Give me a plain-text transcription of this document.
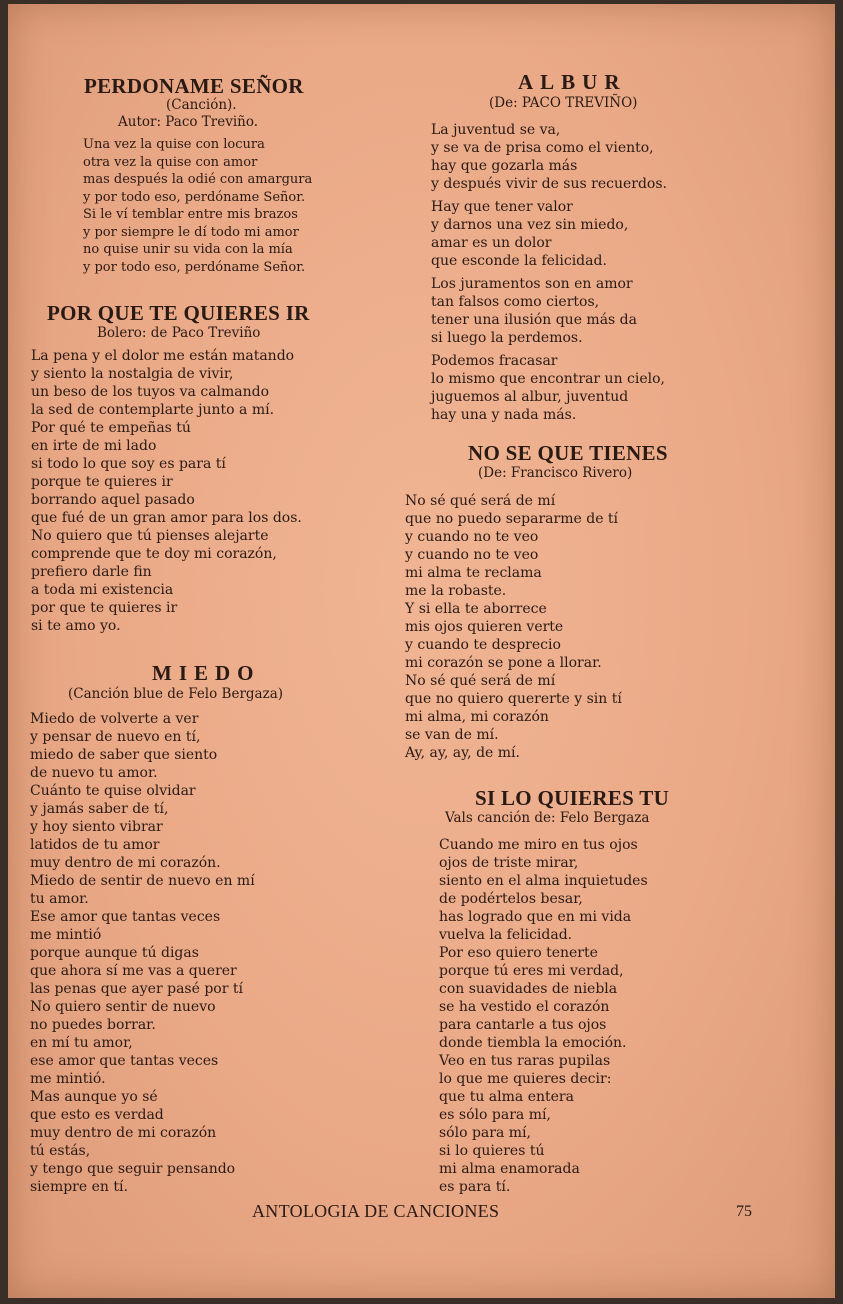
PERDONAME SEÑOR
(Canción).
Autor: Paco Treviño.
Una vez la quise con locura
otra vez la quise con amor
mas después la odié con amargura
y por todo eso, perdóname Señor.
Si le ví temblar entre mis brazos
y por siempre le dí todo mi amor
no quise unir su vida con la mía
y por todo eso, perdóname Señor.
POR QUE TE QUIERES IR
Bolero: de Paco Treviño
La pena y el dolor me están matando
y siento la nostalgia de vivir,
un beso de los tuyos va calmando
la sed de contemplarte junto a mí.
Por qué te empeñas tú
en irte de mi lado
si todo lo que soy es para tí
porque te quieres ir
borrando aquel pasado
que fué de un gran amor para los dos.
No quiero que tú pienses alejarte
comprende que te doy mi corazón,
prefiero darle fin
a toda mi existencia
por que te quieres ir
si te amo yo.
MIEDO
(Canción blue de Felo Bergaza)
Miedo de volverte a ver
y pensar de nuevo en tí,
miedo de saber que siento
de nuevo tu amor.
Cuánto te quise olvidar
y jamás saber de tí,
y hoy siento vibrar
latidos de tu amor
muy dentro de mi corazón.
Miedo de sentir de nuevo en mí
tu amor.
Ese amor que tantas veces
me mintió
porque aunque tú digas
que ahora sí me vas a querer
las penas que ayer pasé por tí
No quiero sentir de nuevo
no puedes borrar.
en mí tu amor,
ese amor que tantas veces
me mintió.
Mas aunque yo sé
que esto es verdad
muy dentro de mi corazón
tú estás,
y tengo que seguir pensando
siempre en tí.
ALBUR
(De: PACO TREVIÑO)
La juventud se va,
y se va de prisa como el viento,
hay que gozarla más
y después vivir de sus recuerdos.
Hay que tener valor
y darnos una vez sin miedo,
amar es un dolor
que esconde la felicidad.
Los juramentos son en amor
tan falsos como ciertos,
tener una ilusión que más da
si luego la perdemos.
Podemos fracasar
lo mismo que encontrar un cielo,
juguemos al albur, juventud
hay una y nada más.
NO SE QUE TIENES
(De: Francisco Rivero)
No sé qué será de mí
que no puedo separarme de tí
y cuando no te veo
y cuando no te veo
mi alma te reclama
me la robaste.
Y si ella te aborrece
mis ojos quieren verte
y cuando te desprecio
mi corazón se pone a llorar.
No sé qué será de mí
que no quiero quererte y sin tí
mi alma, mi corazón
se van de mí.
Ay, ay, ay, de mí.
SI LO QUIERES TU
Vals canción de: Felo Bergaza
Cuando me miro en tus ojos
ojos de triste mirar,
siento en el alma inquietudes
de podértelos besar,
has logrado que en mi vida
vuelva la felicidad.
Por eso quiero tenerte
porque tú eres mi verdad,
con suavidades de niebla
se ha vestido el corazón
para cantarle a tus ojos
donde tiembla la emoción.
Veo en tus raras pupilas
lo que me quieres decir:
que tu alma entera
es sólo para mí,
sólo para mí,
si lo quieres tú
mi alma enamorada
es para tí.
ANTOLOGIA DE CANCIONES	75
